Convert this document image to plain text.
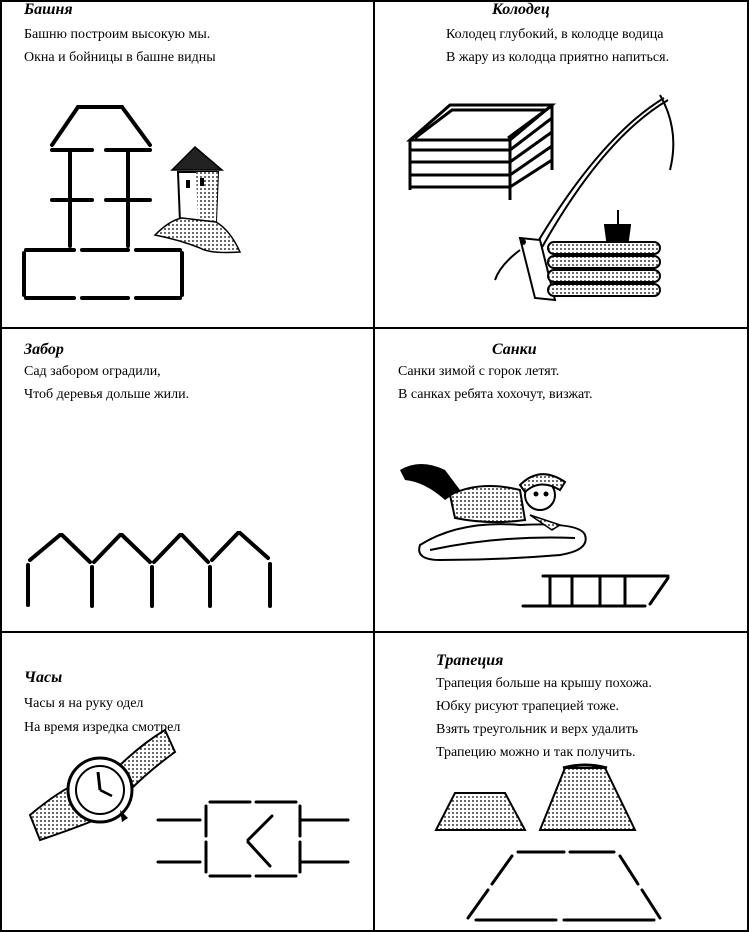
Башня
Башню построим высокую мы.
Окна и бойницы в башне видны
Колодец
Колодец глубокий, в колодце водица
В жару из колодца приятно напиться.
Забор
Сад забором оградили,
Чтоб деревья дольше жили.
Санки
Санки зимой с горок летят.
В санках ребята хохочут, визжат.
Часы
Часы я на руку одел
На время изредка смотрел
Трапеция
Трапеция больше на крышу похожа.
Юбку рисуют трапецией тоже.
Взять треугольник и верх удалить
Трапецию можно и так получить.
